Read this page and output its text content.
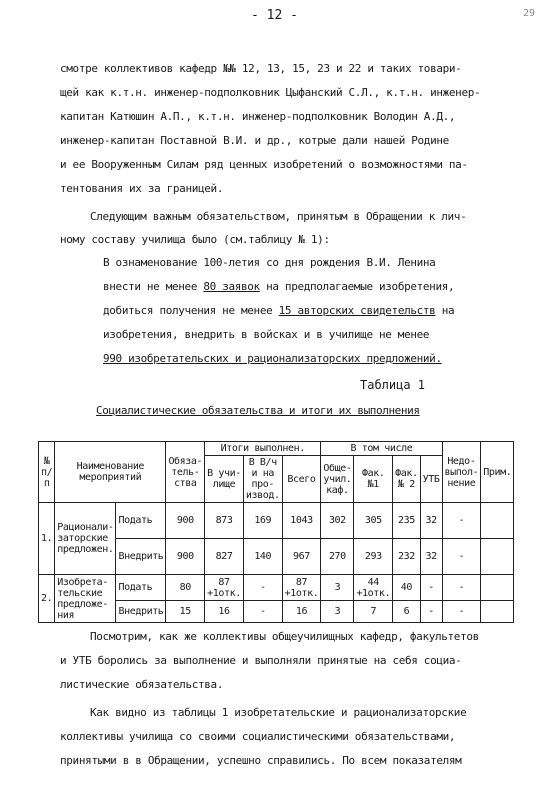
- 12 -	29
смотре коллективов кафедр №№ 12, 13, 15, 23 и 22 и таких товари-
щей как к.т.н. инженер-подполковник Цыфанский С.Л., к.т.н. инженер-
капитан Катюшин А.П., к.т.н. инженер-подполковник Володин А.Д.,
инженер-капитан Поставной В.И. и др., котрые дали нашей Родине
и ее Вооруженным Силам ряд ценных изобретений о возможностями па-
тентования их за границей.
Следующим важным обязательством, принятым в Обращении к лич-
ному составу училища было (см.таблицу № 1):
В ознаменование 100-летия со дня рождения В.И. Ленина
внести не менее 80 заявок на предполагаемые изобретения,
добиться получения не менее 15 авторских свидетельств на
изобретения, внедрить в войсках и в училище не менее
990 изобретательских и рационализаторских предложений.
Таблица 1
Социалистические обязательства и итоги их выполнения
№ п/п	Наименование мероприятий		Обяза-тель-ства	Итоги выполнен.			В том числе				Недо-выпол-нение	Прим.
				В учи-лище	В В/ч и на про-извод.	Всего	Обще-учил. каф.	Фак. №1	Фак. № 2	УТБ		
1.	Рационали-заторские предложен.	Подать	900	873	169	1043	302	305	235	32	-	
		Внедрить	900	827	140	967	270	293	232	32	-	
2.	Изобрета-тельские предложе-ния	Подать	80	87 +1отк.	-	87 +1отк.	3	44 +1отк.	40	-	-	
		Внедрить	15	16	-	16	3	7	6	-	-	
Посмотрим, как же коллективы общеучилищных кафедр, факультетов
и УТБ боролись за выполнение и выполняли принятые на себя социа-
листические обязательства.
Как видно из таблицы 1 изобретательские и рационализаторские
коллективы училища со своими социалистическими обязательствами,
принятыми в в Обращении, успешно справились. По всем показателям
